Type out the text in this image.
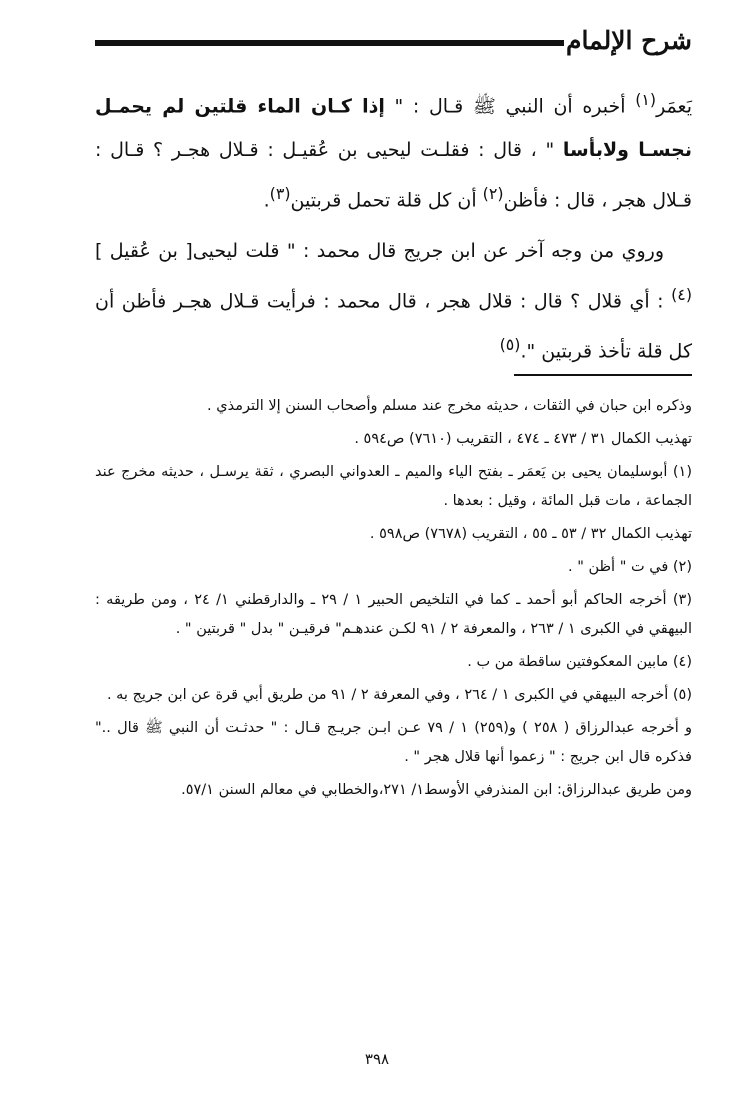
شرح الإلمام

يَعمَر$^{(١)}$ أخبره أن النبي ﷺ قـال : " إذا كـان الماء قلتين لم يحمـل نجسـا ولابأسا " ، قال : فقلـت ليحيى بن عُقيـل : قـلال هجـر ؟ قـال : قـلال هجر ، قال : فأظن$^{(٢)}$ أن كل قلة تحمل قربتين$^{(٣)}$.

وروي من وجه آخر عن ابن جريج قال محمد : " قلت ليحيى[ بن عُقيل ]$^{(٤)}$ : أي قلال ؟ قال : قلال هجر ، قال محمد : فرأيت قـلال هجـر فأظن أن كل قلة تأخذ قربتين ".$^{(٥)}$

وذكره ابن حبان في الثقات ، حديثه مخرج عند مسلم وأصحاب السنن إلا الترمذي .

تهذيب الكمال ٣١ / ٤٧٣ ـ ٤٧٤ ، التقريب (٧٦١٠) ص٥٩٤ .

(١) أبوسليمان يحيى بن يَعمَر ـ بفتح الياء والميم ـ العدواني البصري ، ثقة يرسـل ، حديثه مخرج عند الجماعة ، مات قبل المائة ، وقيل : بعدها .

تهذيب الكمال ٣٢ / ٥٣ ـ ٥٥ ، التقريب (٧٦٧٨) ص٥٩٨ .

(٢) في ت " أظن " .

(٣) أخرجه الحاكم أبو أحمد ـ كما في التلخيص الحبير ١ / ٢٩ ـ والدارقطني ١/ ٢٤ ، ومن طريقه : البيهقي في الكبرى ١ / ٢٦٣ ، والمعرفة ٢ / ٩١ لكـن عندهـم" فرقيـن " بدل " قربتين " .

(٤) مابين المعكوفتين ساقطة من ب .

(٥) أخرجه البيهقي في الكبرى ١ / ٢٦٤ ، وفي المعرفة ٢ / ٩١ من طريق أبي قرة عن ابن جريج به .

و أخرجه عبدالرزاق ( ٢٥٨ ) و(٢٥٩) ١ / ٧٩ عـن ابـن جريـج قـال : " حدثـت أن النبي ﷺ قال .." فذكره قال ابن جريج : " زعموا أنها قلال هجر " .

ومن طريق عبدالرزاق: ابن المنذرفي الأوسط١/ ٢٧١،والخطابي في معالم السنن ٥٧/١.

٣٩٨
